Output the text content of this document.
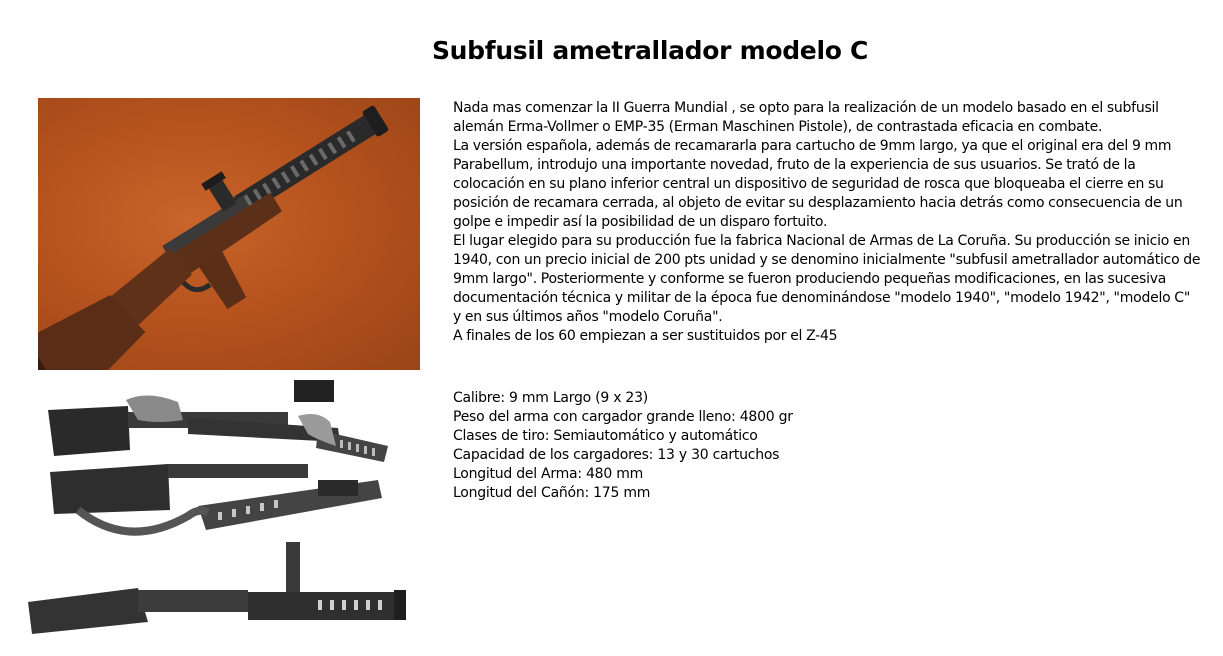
Subfusil ametrallador modelo C

Nada mas comenzar la II Guerra Mundial , se opto para la realización de un modelo basado en el subfusil alemán Erma-Vollmer o EMP-35 (Erman Maschinen Pistole), de contrastada eficacia en combate.

La versión española, además de recamararla para cartucho de 9mm largo, ya que el original era del 9 mm Parabellum, introdujo una importante novedad, fruto de la experiencia de sus usuarios. Se trató de la colocación en su plano inferior central un dispositivo de seguridad de rosca que bloqueaba el cierre en su posición de recamara cerrada, al objeto de evitar su desplazamiento hacia detrás como consecuencia de un golpe e impedir así la posibilidad de un disparo fortuito.

El lugar elegido para su producción fue la fabrica Nacional de Armas de La Coruña. Su producción se inicio en 1940, con un precio inicial de 200 pts unidad y se denomino inicialmente "subfusil ametrallador automático de 9mm largo". Posteriormente y conforme se fueron produciendo pequeñas modificaciones, en las sucesiva documentación técnica y militar de la época fue denominándose "modelo 1940", "modelo 1942", "modelo C" y en sus últimos años "modelo Coruña".

A finales de los 60 empiezan a ser sustituidos por el Z-45

Calibre: 9 mm Largo (9 x 23)
Peso del arma con cargador grande lleno: 4800 gr
Clases de tiro: Semiautomático y automático
Capacidad de los cargadores: 13 y 30 cartuchos
Longitud del Arma: 480 mm
Longitud del Cañón: 175 mm
